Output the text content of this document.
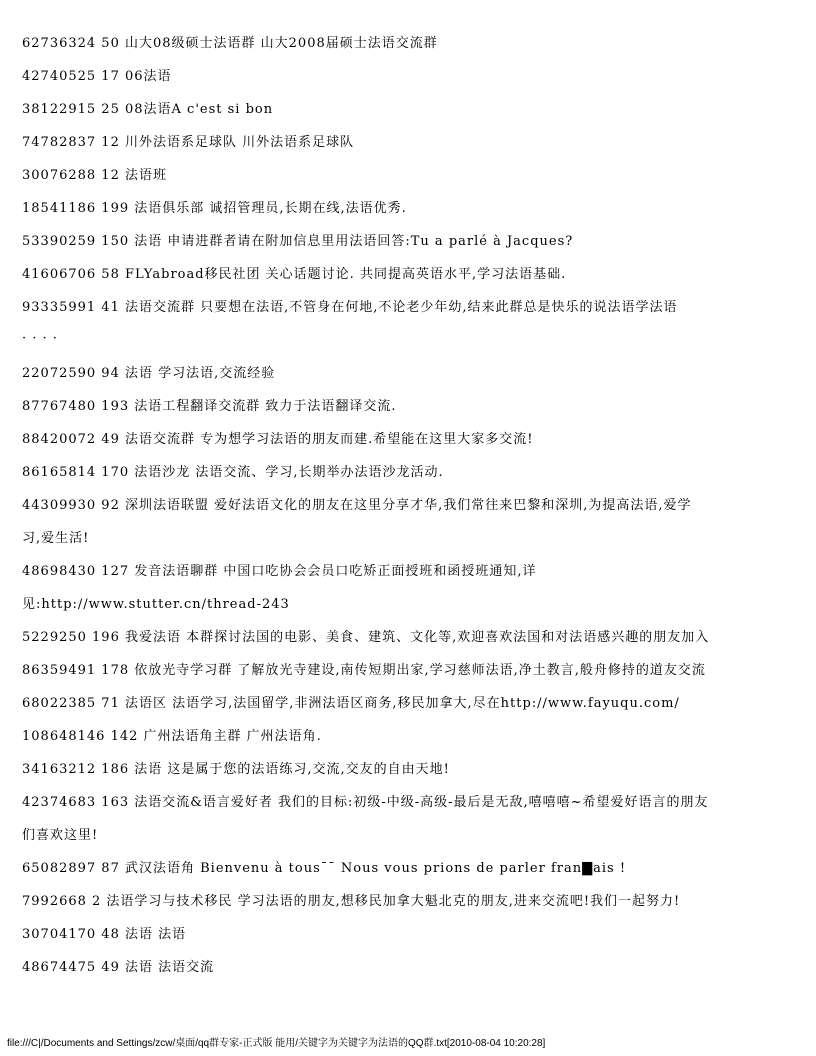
62736324 50 山大08级硕士法语群 山大2008届硕士法语交流群
42740525 17 06法语
38122915 25 08法语A c'est si bon
74782837 12 川外法语系足球队 川外法语系足球队
30076288 12 法语班
18541186 199 法语俱乐部 诚招管理员,长期在线,法语优秀.
53390259 150 法语 申请进群者请在附加信息里用法语回答:Tu a parlé à Jacques?
41606706 58 FLYabroad移民社团 关心话题讨论. 共同提高英语水平,学习法语基础.
93335991 41 法语交流群 只要想在法语,不管身在何地,不论老少年幼,结来此群总是快乐的说法语学法语
· · · ·
22072590 94 法语 学习法语,交流经验
87767480 193 法语工程翻译交流群 致力于法语翻译交流.
88420072 49 法语交流群 专为想学习法语的朋友而建.希望能在这里大家多交流!
86165814 170 法语沙龙 法语交流、学习,长期举办法语沙龙活动.
44309930 92 深圳法语联盟 爱好法语文化的朋友在这里分享才华,我们常往来巴黎和深圳,为提高法语,爱学
习,爱生活!
48698430 127 发音法语聊群 中国口吃协会会员口吃矫正面授班和函授班通知,详
见:http://www.stutter.cn/thread-243
5229250 196 我爱法语 本群探讨法国的电影、美食、建筑、文化等,欢迎喜欢法国和对法语感兴趣的朋友加入
86359491 178 依放光寺学习群 了解放光寺建设,南传短期出家,学习慈师法语,净土教言,般舟修持的道友交流
68022385 71 法语区 法语学习,法国留学,非洲法语区商务,移民加拿大,尽在http://www.fayuqu.com/
108648146 142 广州法语角主群 广州法语角.
34163212 186 法语 这是属于您的法语练习,交流,交友的自由天地!
42374683 163 法语交流&语言爱好者 我们的目标:初级-中级-高级-最后是无敌,嘻嘻嘻~希望爱好语言的朋友
们喜欢这里!
65082897 87 武汉法语角 Bienvenu à tous¯¯ Nous vous prions de parler fran▇ais !
7992668 2 法语学习与技术移民 学习法语的朋友,想移民加拿大魁北克的朋友,进来交流吧!我们一起努力!
30704170 48 法语 法语
48674475 49 法语 法语交流
file:///C|/Documents and Settings/zcw/桌面/qq群专家-正式版 能用/关键字为关键字为法语的QQ群.txt[2010-08-04 10:20:28]
